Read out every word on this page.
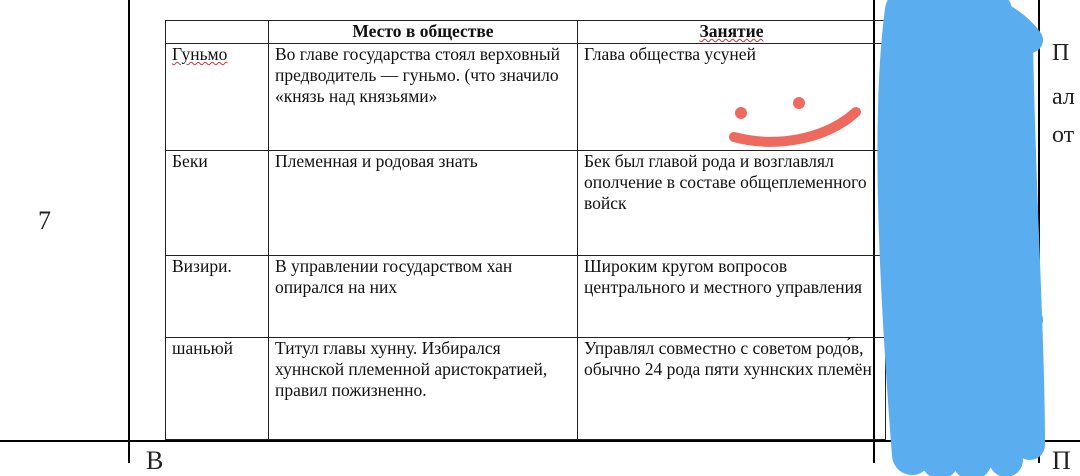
7
	Место в обществе	Занятие
Гуньмо	Во главе государства стоял верховный предводитель — гуньмо. (что значило «князь над князьями»	Глава общества усуней
Беки	Племенная и родовая знать	Бек был главой рода и возглавлял ополчение в составе общеплеменного войск
Визири.	В управлении государством хан опирался на них	Широким кругом вопросов центрального и местного управления
шаньюй	Титул главы хунну. Избирался хуннской племенной аристократией, правил пожизненно.	Управлял совместно с советом родо́в, обычно 24 рода пяти хуннских племён
П
ал
от
В	П
